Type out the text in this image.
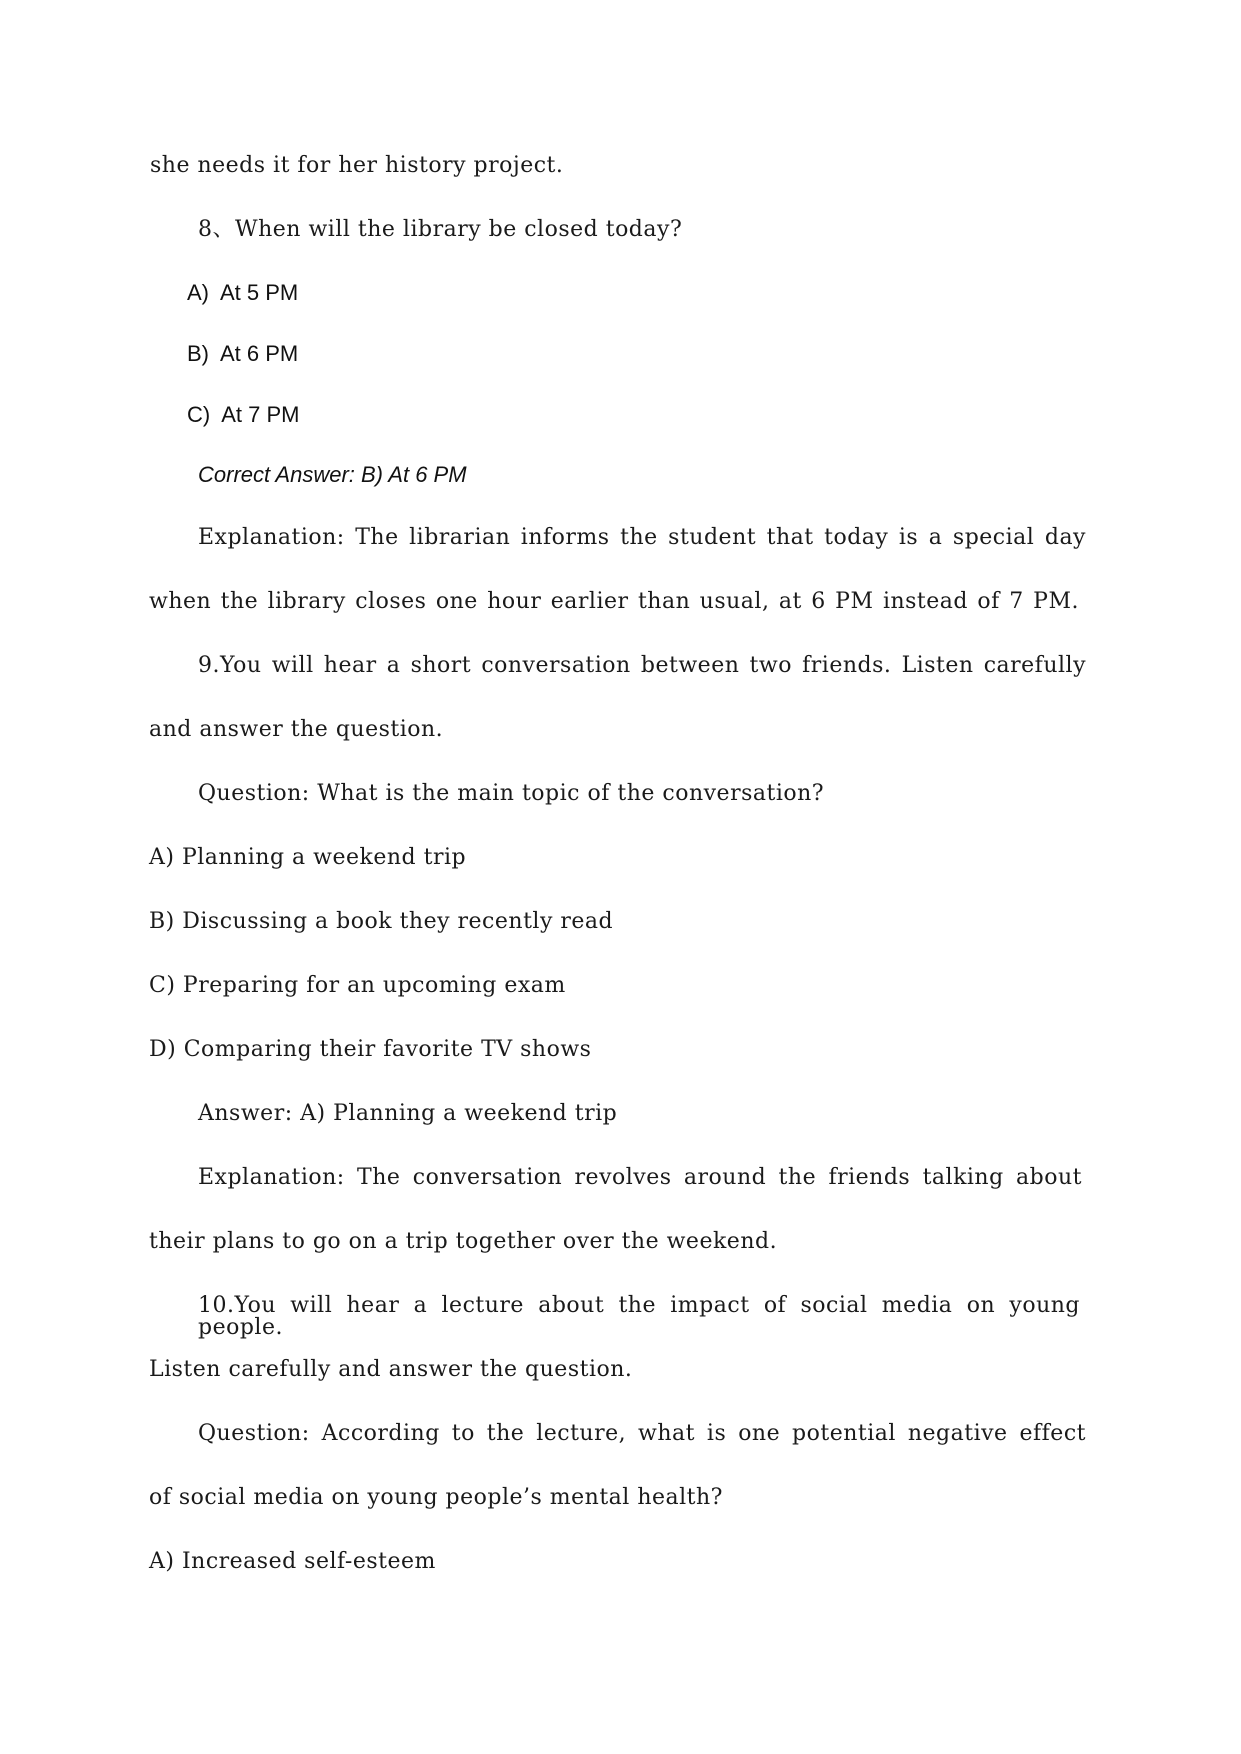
she needs it for her history project.
8、When will the library be closed today?
A)  At 5 PM
B)  At 6 PM
C)  At 7 PM
Correct Answer: B) At 6 PM
Explanation: The librarian informs the student that today is a special day
when the library closes one hour earlier than usual, at 6 PM instead of 7 PM.
9.You will hear a short conversation between two friends. Listen carefully
and answer the question.
Question: What is the main topic of the conversation?
A) Planning a weekend trip
B) Discussing a book they recently read
C) Preparing for an upcoming exam
D) Comparing their favorite TV shows
Answer: A) Planning a weekend trip
Explanation: The conversation revolves around the friends talking about
their plans to go on a trip together over the weekend.
10.You will hear a lecture about the impact of social media on young people.
Listen carefully and answer the question.
Question: According to the lecture, what is one potential negative effect
of social media on young people’s mental health?
A) Increased self-esteem
